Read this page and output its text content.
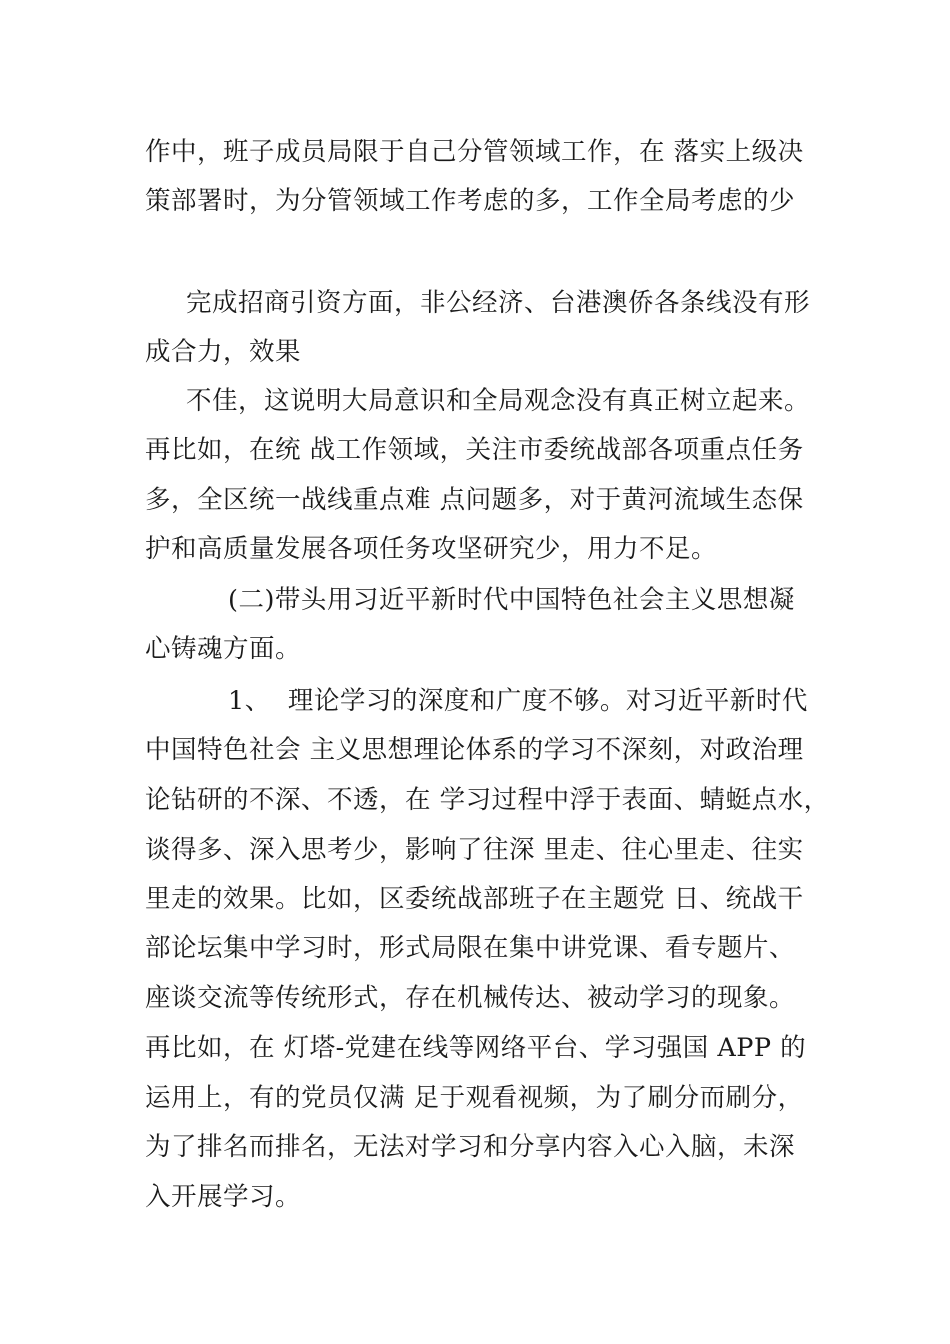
作中，班子成员局限于自己分管领域工作，在 落实上级决
策部署时，为分管领域工作考虑的多，工作全局考虑的少
完成招商引资方面，非公经济、台港澳侨各条线没有形
成合力，效果
不佳，这说明大局意识和全局观念没有真正树立起来。
再比如，在统 战工作领域，关注市委统战部各项重点任务
多，全区统一战线重点难 点问题多，对于黄河流域生态保
护和高质量发展各项任务攻坚研究少，用力不足。
(二)带头用习近平新时代中国特色社会主义思想凝
心铸魂方面。
1、  理论学习的深度和广度不够。对习近平新时代
中国特色社会 主义思想理论体系的学习不深刻，对政治理
论钻研的不深、不透，在 学习过程中浮于表面、蜻蜓点水，
谈得多、深入思考少，影响了往深 里走、往心里走、往实
里走的效果。比如，区委统战部班子在主题党 日、统战干
部论坛集中学习时，形式局限在集中讲党课、看专题片、
座谈交流等传统形式，存在机械传达、被动学习的现象。
再比如，在 灯塔-党建在线等网络平台、学习强国 APP 的
运用上，有的党员仅满 足于观看视频，为了刷分而刷分，
为了排名而排名，无法对学习和分享内容入心入脑，未深
入开展学习。
